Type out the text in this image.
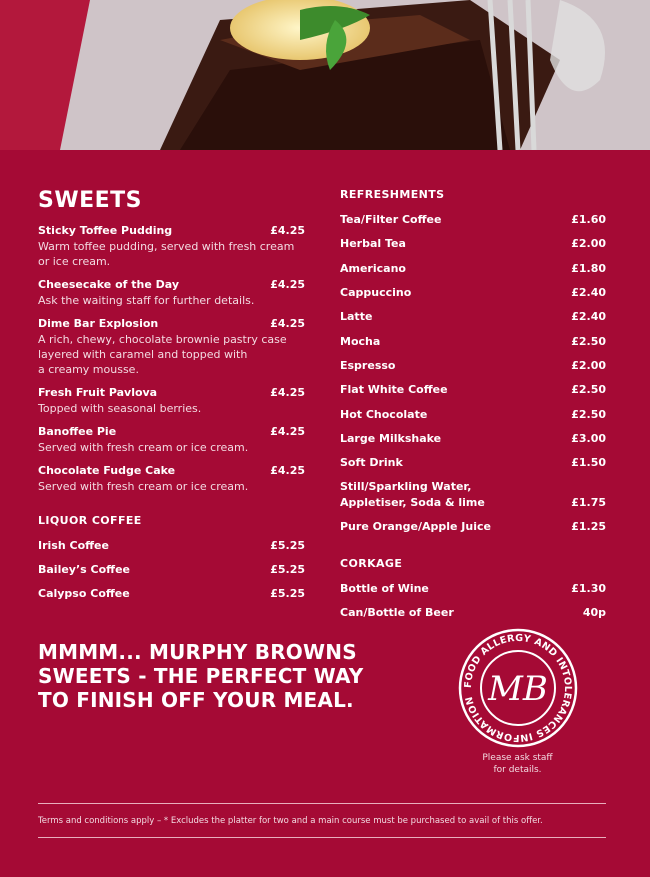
SWEETS
Sticky Toffee Pudding	£4.25
Warm toffee pudding, served with fresh cream
or ice cream.
Cheesecake of the Day	£4.25
Ask the waiting staff for further details.
Dime Bar Explosion	£4.25
A rich, chewy, chocolate brownie pastry case
layered with caramel and topped with
a creamy mousse.
Fresh Fruit Pavlova	£4.25
Topped with seasonal berries.
Banoffee Pie	£4.25
Served with fresh cream or ice cream.
Chocolate Fudge Cake	£4.25
Served with fresh cream or ice cream.
LIQUOR COFFEE
Irish Coffee	£5.25
Bailey’s Coffee	£5.25
Calypso Coffee	£5.25
REFRESHMENTS
Tea/Filter Coffee	£1.60
Herbal Tea	£2.00
Americano	£1.80
Cappuccino	£2.40
Latte	£2.40
Mocha	£2.50
Espresso	£2.00
Flat White Coffee	£2.50
Hot Chocolate	£2.50
Large Milkshake	£3.00
Soft Drink	£1.50
Still/Sparkling Water,
Appletiser, Soda & lime	£1.75
Pure Orange/Apple Juice	£1.25
CORKAGE
Bottle of Wine	£1.30
Can/Bottle of Beer	40p
MMMM... MURPHY BROWNS
SWEETS - THE PERFECT WAY
TO FINISH OFF YOUR MEAL.
FOOD ALLERGY AND INTOLERANCES INFORMATION MB
Please ask staff
for details.
Terms and conditions apply – * Excludes the platter for two and a main course must be purchased to avail of this offer.
